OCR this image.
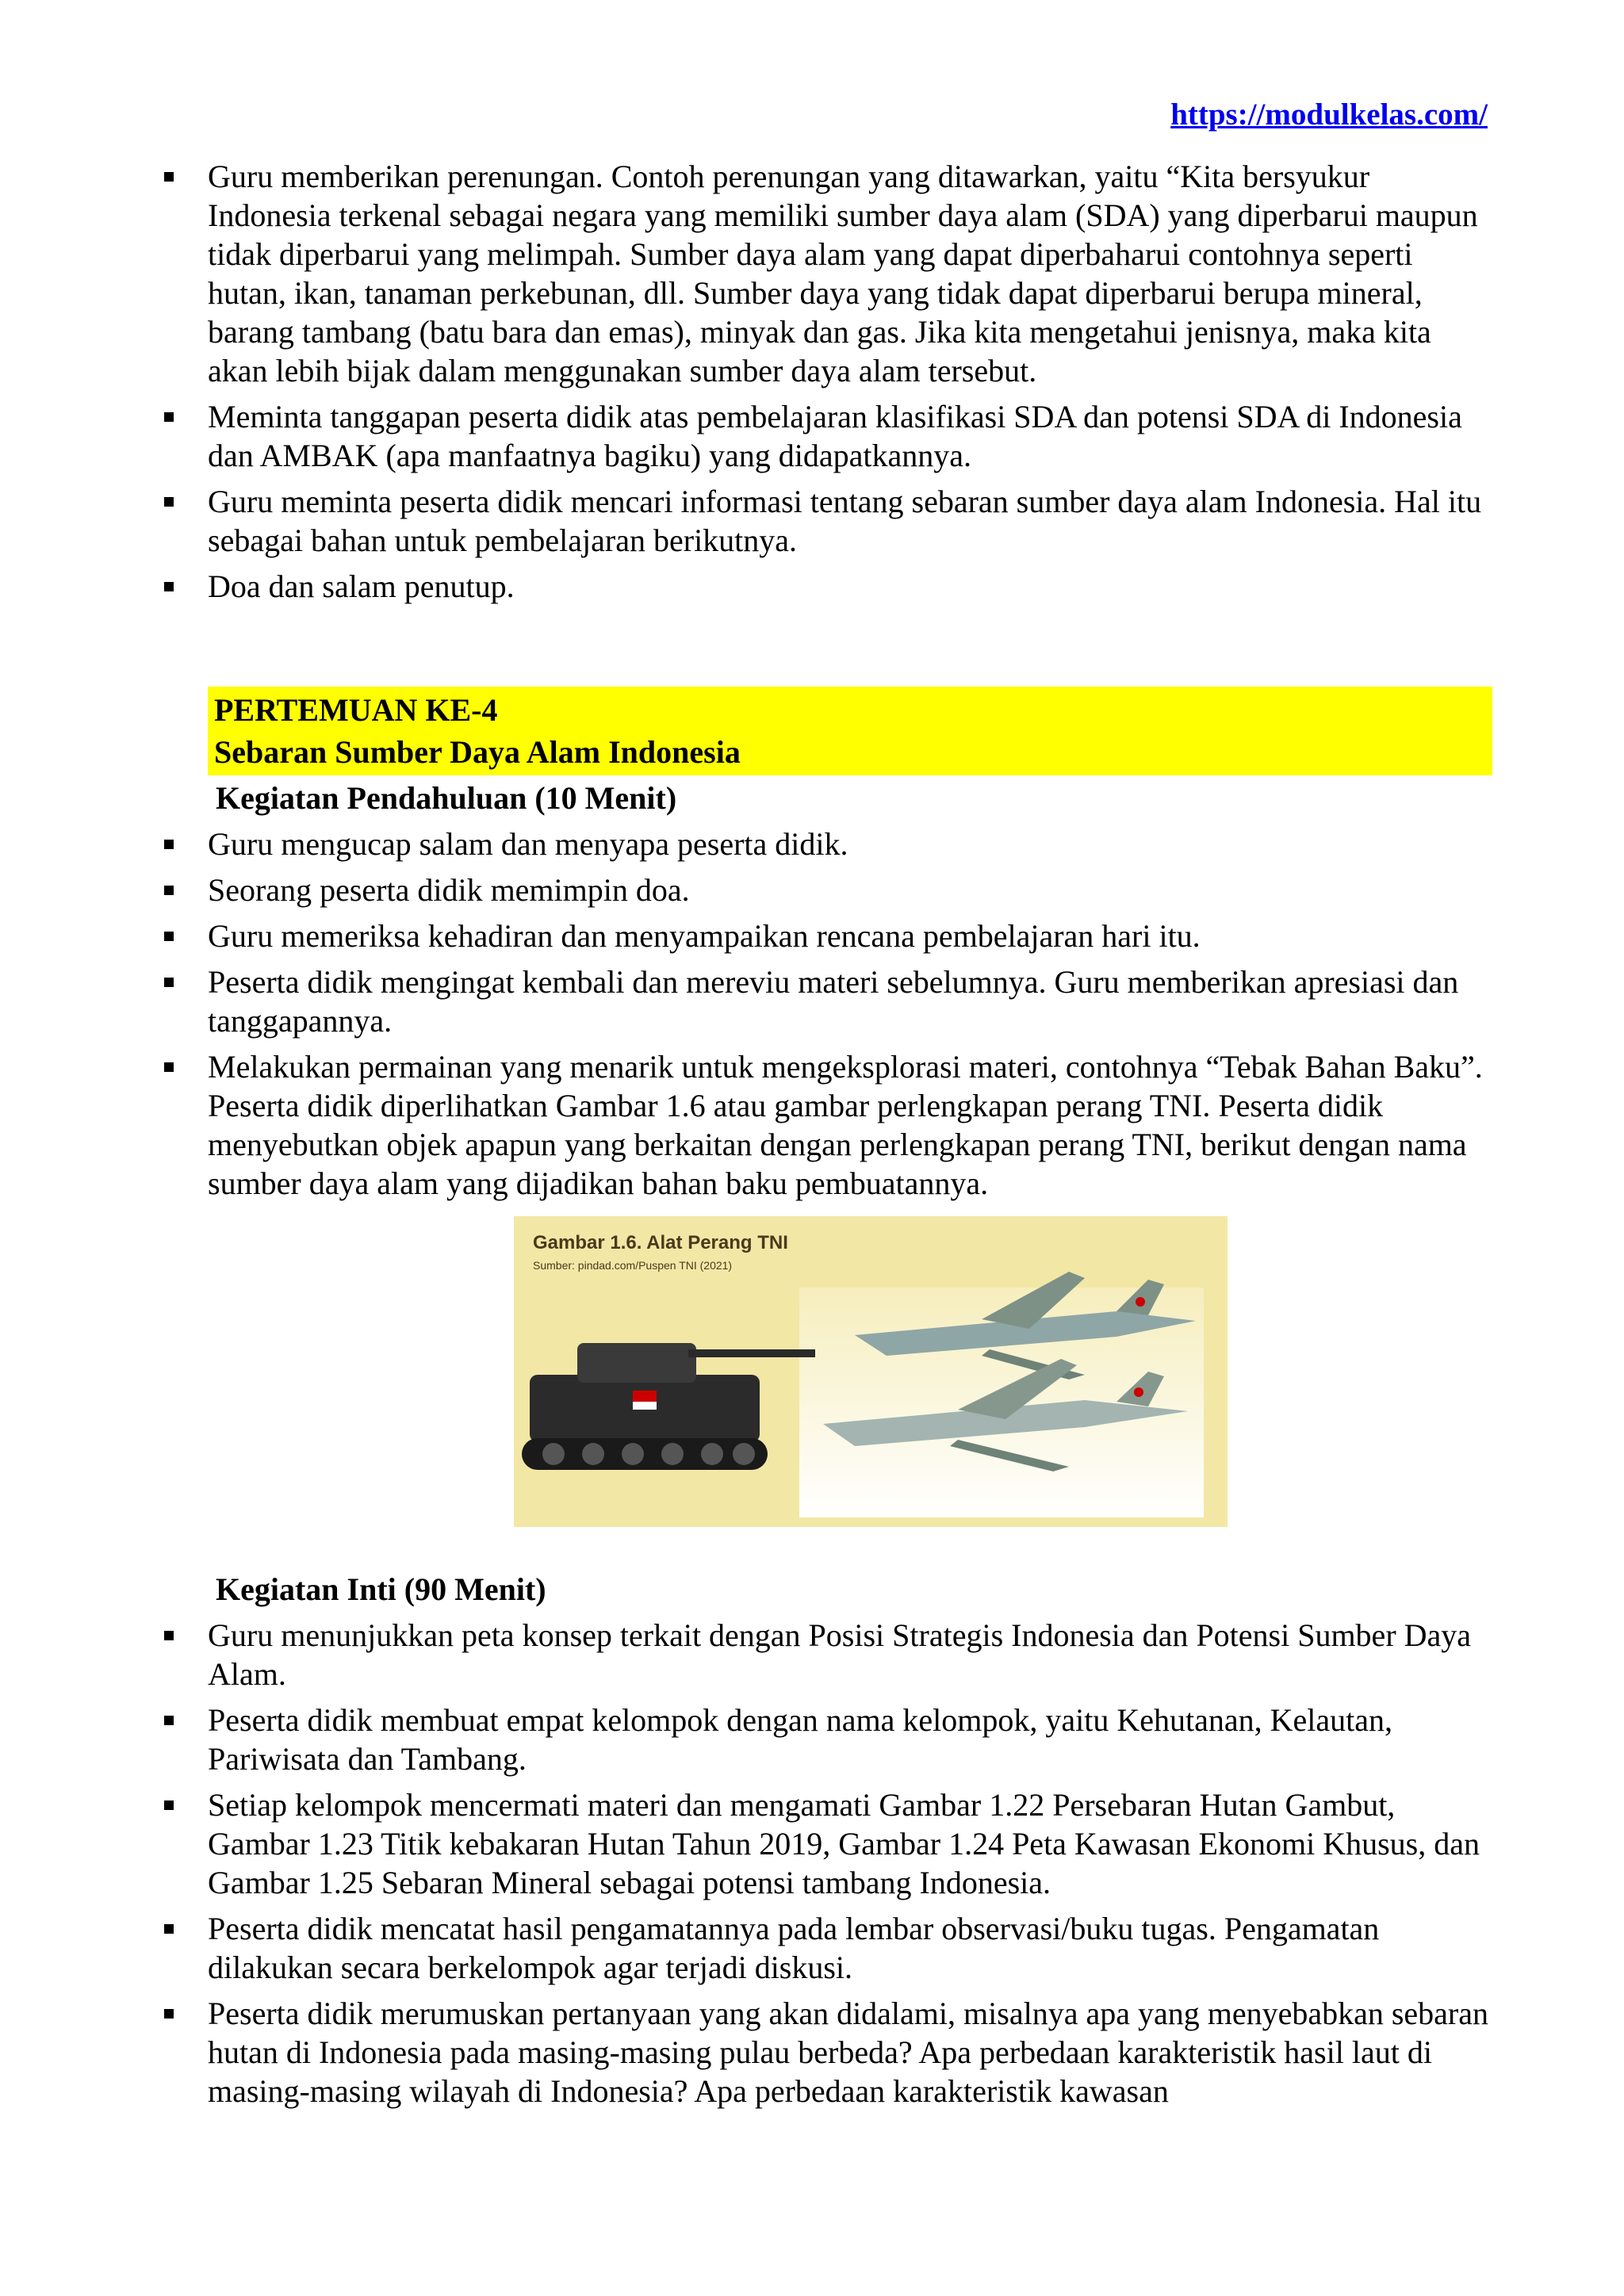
https://modulkelas.com/
Guru memberikan perenungan. Contoh perenungan yang ditawarkan, yaitu “Kita bersyukur Indonesia terkenal sebagai negara yang memiliki sumber daya alam (SDA) yang diperbarui maupun tidak diperbarui yang melimpah. Sumber daya alam yang dapat diperbaharui contohnya seperti hutan, ikan, tanaman perkebunan, dll. Sumber daya yang tidak dapat diperbarui berupa mineral, barang tambang (batu bara dan emas), minyak dan gas. Jika kita mengetahui jenisnya, maka kita akan lebih bijak dalam menggunakan sumber daya alam tersebut.
Meminta tanggapan peserta didik atas pembelajaran klasifikasi SDA dan potensi SDA di Indonesia dan AMBAK (apa manfaatnya bagiku) yang didapatkannya.
Guru meminta peserta didik mencari informasi tentang sebaran sumber daya alam Indonesia. Hal itu sebagai bahan untuk pembelajaran berikutnya.
Doa dan salam penutup.
PERTEMUAN KE-4
Sebaran Sumber Daya Alam Indonesia
Kegiatan Pendahuluan (10 Menit)
Guru mengucap salam dan menyapa peserta didik.
Seorang peserta didik memimpin doa.
Guru memeriksa kehadiran dan menyampaikan rencana pembelajaran hari itu.
Peserta didik mengingat kembali dan mereviu materi sebelumnya. Guru memberikan apresiasi dan tanggapannya.
Melakukan permainan yang menarik untuk mengeksplorasi materi, contohnya “Tebak Bahan Baku”. Peserta didik diperlihatkan Gambar 1.6 atau gambar perlengkapan perang TNI. Peserta didik menyebutkan objek apapun yang berkaitan dengan perlengkapan perang TNI, berikut dengan nama sumber daya alam yang dijadikan bahan baku pembuatannya.
Gambar 1.6. Alat Perang TNI
Sumber: pindad.com/Puspen TNI (2021)
Kegiatan Inti (90 Menit)
Guru menunjukkan peta konsep terkait dengan Posisi Strategis Indonesia dan Potensi Sumber Daya Alam.
Peserta didik membuat empat kelompok dengan nama kelompok, yaitu Kehutanan, Kelautan, Pariwisata dan Tambang.
Setiap kelompok mencermati materi dan mengamati Gambar 1.22 Persebaran Hutan Gambut, Gambar 1.23 Titik kebakaran Hutan Tahun 2019, Gambar 1.24 Peta Kawasan Ekonomi Khusus, dan Gambar 1.25 Sebaran Mineral sebagai potensi tambang Indonesia.
Peserta didik mencatat hasil pengamatannya pada lembar observasi/buku tugas. Pengamatan dilakukan secara berkelompok agar terjadi diskusi.
Peserta didik merumuskan pertanyaan yang akan didalami, misalnya apa yang menyebabkan sebaran hutan di Indonesia pada masing-masing pulau berbeda? Apa perbedaan karakteristik hasil laut di masing-masing wilayah di Indonesia? Apa perbedaan karakteristik kawasan
